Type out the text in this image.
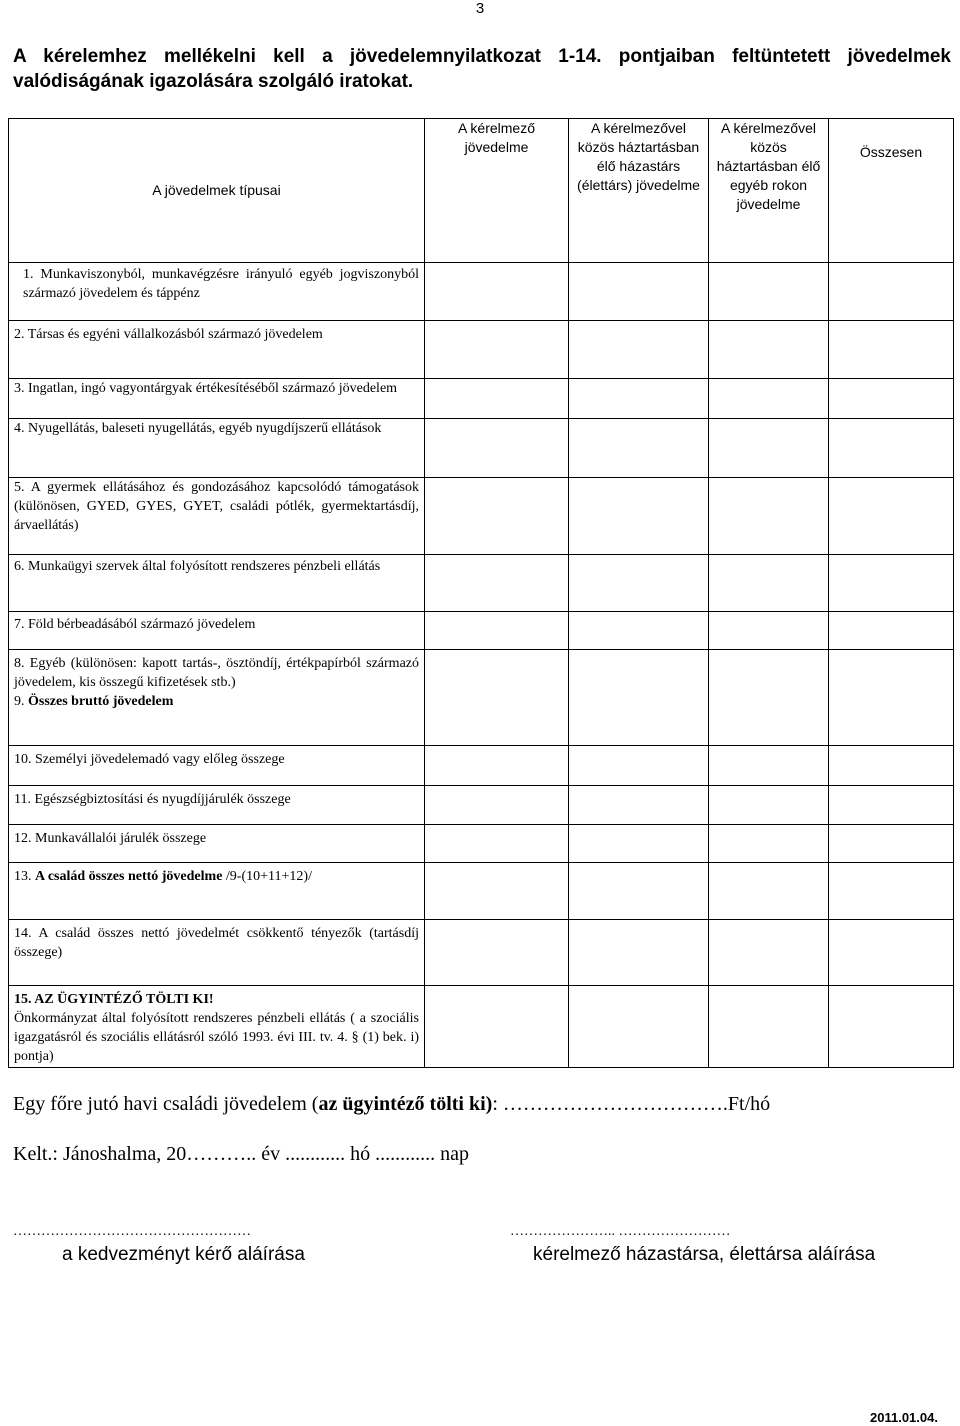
3
A kérelemhez mellékelni kell a jövedelemnyilatkozat 1-14. pontjaiban feltüntetett jövedelmek valódiságának igazolására szolgáló iratokat.
A jövedelmek típusai	A kérelmező jövedelme	A kérelmezővel közös háztartásban élő házastárs (élettárs) jövedelme	A kérelmezővel közös háztartásban élő egyéb rokon jövedelme	Összesen
1. Munkaviszonyból, munkavégzésre irányuló egyéb jogviszonyból származó jövedelem és táppénz				
2. Társas és egyéni vállalkozásból származó jövedelem				
3. Ingatlan, ingó vagyontárgyak értékesítéséből származó jövedelem				
4. Nyugellátás, baleseti nyugellátás, egyéb nyugdíjszerű ellátások				
5. A gyermek ellátásához és gondozásához kapcsolódó támogatások (különösen, GYED, GYES, GYET, családi pótlék, gyermektartásdíj, árvaellátás)				
6. Munkaügyi szervek által folyósított rendszeres pénzbeli ellátás				
7. Föld bérbeadásából származó jövedelem				

8. Egyéb (különösen: kapott tartás-, ösztöndíj, értékpapírból származó jövedelem, kis összegű kifizetések stb.)
9. Összes bruttó jövedelem				

10. Személyi jövedelemadó vagy előleg összege				
11. Egészségbiztosítási és nyugdíjjárulék összege				
12. Munkavállalói járulék összege				
13. A család összes nettó jövedelme /9-(10+11+12)/				
14. A család összes nettó jövedelmét csökkentő tényezők (tartásdíj összege)				

15. AZ ÜGYINTÉZŐ TÖLTI KI!
Önkormányzat által folyósított rendszeres pénzbeli ellátás ( a szociális igazgatásról és szociális ellátásról szóló 1993. évi III. tv. 4. § (1) bek. i) pontja)				

Egy főre jutó havi családi jövedelem (az ügyintéző tölti ki): …………………………….Ft/hó
Kelt.: Jánoshalma, 20……….. év ............ hó ............ nap
……………………………………………	………………….. ……………………
a kedvezményt kérő aláírása	kérelmező házastársa, élettársa aláírása
2011.01.04.
